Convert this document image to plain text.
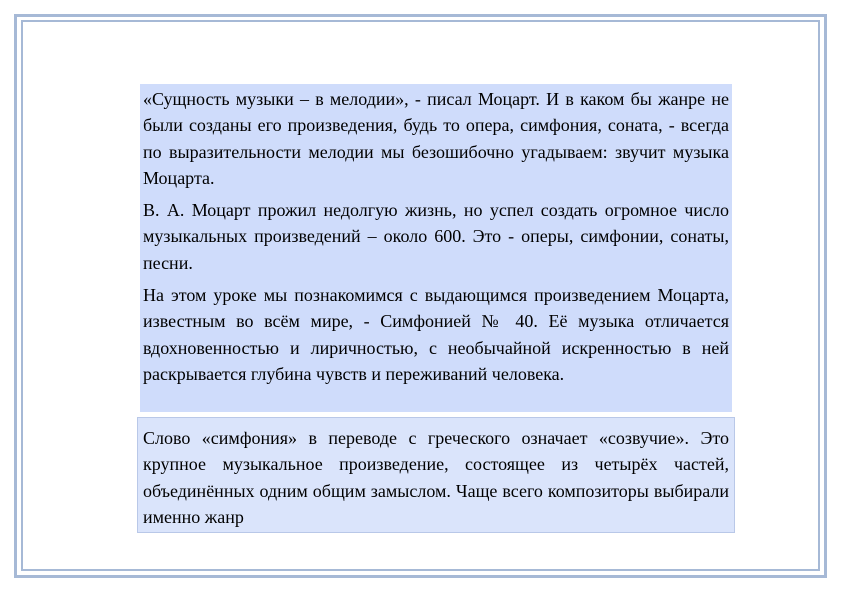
«Сущность музыки – в мелодии», - писал Моцарт. И в каком бы жанре не были созданы его произведения, будь то опера, симфония, соната, - всегда по выразительности мелодии мы безошибочно угадываем: звучит музыка Моцарта.

В. А. Моцарт прожил недолгую жизнь, но успел создать огромное число музыкальных произведений – около 600. Это - оперы, симфонии, сонаты, песни.

На этом уроке мы познакомимся с выдающимся произведением Моцарта, известным во всём мире, - Симфонией № 40. Её музыка отличается вдохновенностью и лиричностью, с необычайной искренностью в ней раскрывается глубина чувств и переживаний человека.

Слово «симфония» в переводе с греческого означает «созвучие». Это крупное музыкальное произведение, состоящее из четырёх частей, объединённых одним общим замыслом. Чаще всего композиторы выбирали именно жанр
